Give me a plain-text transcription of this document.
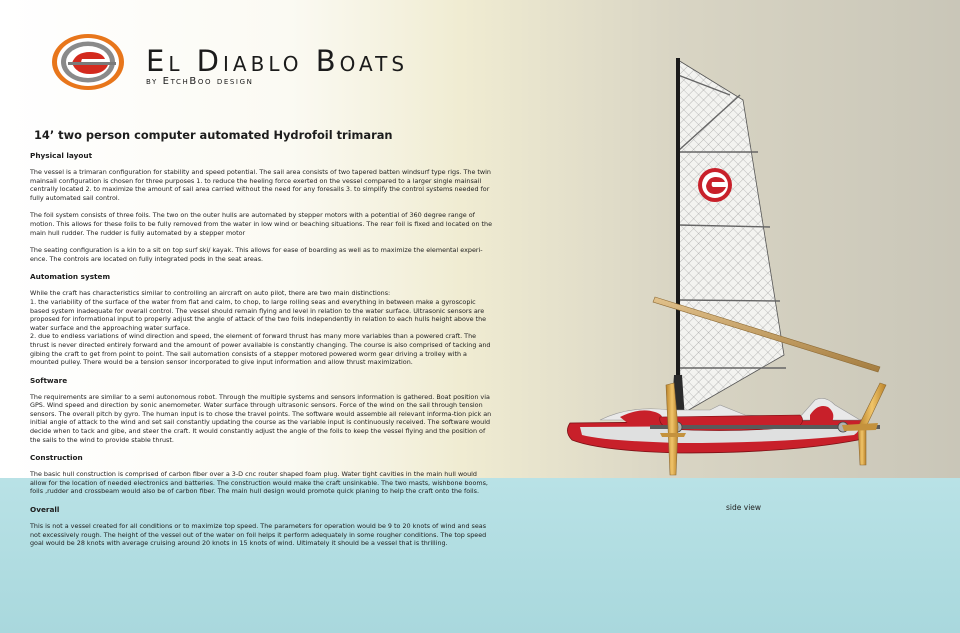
El Diablo Boats
by EtchBoo design
14’ two person computer automated Hydrofoil trimaran
Physical layout

The vessel is a trimaran configuration for stability and speed potential. The sail area consists of two tapered batten windsurf type rigs. The twin mainsail configuration is chosen for three purposes 1. to reduce the heeling force exerted on the vessel compared to a larger single mainsail centrally located 2. to maximize the amount of sail area carried without the need for any foresails 3. to simplify the control systems needed for fully automated sail control.

The foil system consists of three foils. The two on the outer hulls are automated by stepper motors with a potential of 360 degree range of motion. This allows for these foils to be fully removed from the water in low wind or beaching situations. The rear foil is fixed and located on the main hull rudder. The rudder is fully automated by a stepper motor

The seating configuration is a kin to a sit on top surf ski/ kayak. This allows for ease of boarding as well as to maximize the elemental experi-ence. The controls are located on fully integrated pods in the seat areas.

Automation system

While the craft has characteristics similar to controlling an aircraft on auto pilot, there are two main distinctions:
1. the variability of the surface of the water from flat and calm, to chop, to large rolling seas and everything in between make a gyroscopic based system inadequate for overall control. The vessel should remain flying and level in relation to the water surface. Ultrasonic sensors are proposed for informational input to properly adjust the angle of attack of the two foils independently in relation to each hulls height above the water surface and the approaching water surface.
2. due to endless variations of wind direction and speed, the element of forward thrust has many more variables than a powered craft. The thrust is never directed entirely forward and the amount of power available is constantly changing. The course is also comprised of tacking and gibing the craft to get from point to point. The sail automation consists of a stepper motored powered worm gear driving a trolley with a mounted pulley. There would be a tension sensor incorporated to give input information and allow thrust maximization.

Software

The requirements are similar to a semi autonomous robot. Through the multiple systems and sensors information is gathered. Boat position via GPS. Wind speed and direction by sonic anemometer. Water surface through ultrasonic sensors. Force of the wind on the sail through tension sensors. The overall pitch by gyro. The human input is to chose the travel points. The software would assemble all relevant informa-tion pick an initial angle of attack to the wind and set sail constantly updating the course as the variable input is continuously received. The software would decide when to tack and gibe, and steer the craft. It would constantly adjust the angle of the foils to keep the vessel flying and the position of the sails to the wind to provide stable thrust.

Construction

The basic hull construction is comprised of carbon fiber over a 3-D cnc router shaped foam plug. Water tight cavities in the main hull would allow for the location of needed electronics and batteries. The construction would make the craft unsinkable. The two masts, wishbone booms, foils ,rudder and crossbeam would also be of carbon fiber. The main hull design would promote quick planing to help the craft onto the foils.

Overall

This is not a vessel created for all conditions or to maximize top speed. The parameters for operation would be 9 to 20 knots of wind and seas not excessively rough. The height of the vessel out of the water on foil helps it perform adequately in some rougher conditions. The top speed goal would be 28 knots with average cruising around 20 knots in 15 knots of wind. Ultimately it should be a vessel that is thrilling.

side view
